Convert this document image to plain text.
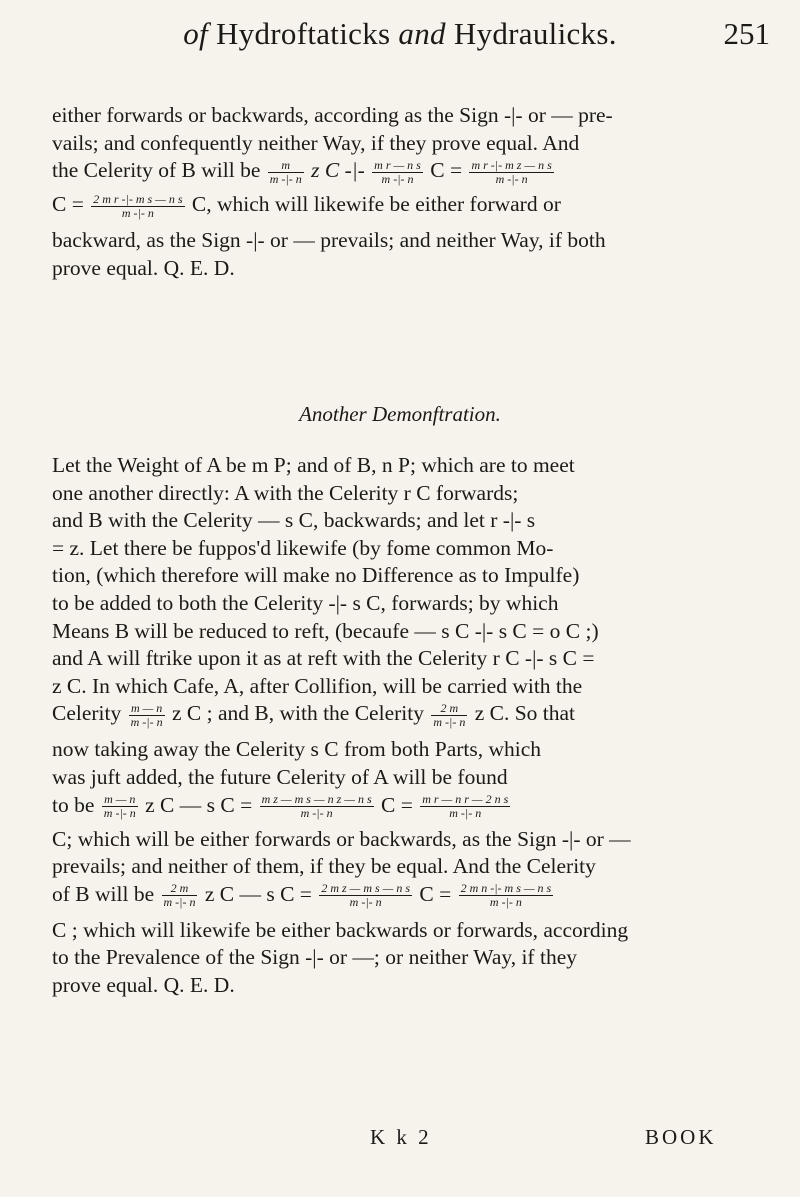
of Hydroftaticks and Hydraulicks.	251
either forwards or backwards, according as the Sign -|- or — pre-
vails; and confequently neither Way, if they prove equal. And
the Celerity of B will be $\frac{m}{m -|- n}$ z C -|- $\frac{\text{m r — n s}}{m -|- n}$ $C = \frac{\text{m r -|- m z — n s}}{m -|- n}$
$C = \frac{\text{2 m r -|- m s — n s}}{m -|- n} C$, which will likewife be either forward or
backward, as the Sign -|- or — prevails; and neither Way, if both
prove equal. Q. E. D.
Another Demonftration.
Let the Weight of A be m P; and of B, n P; which are to meet
one another directly: A with the Celerity r C forwards;
and B with the Celerity — s C, backwards; and let r -|- s
= z. Let there be fuppos'd likewife (by fome common Mo-
tion, (which therefore will make no Difference as to Impulfe)
to be added to both the Celerity -|- s C, forwards; by which
Means B will be reduced to reft, (becaufe — s C -|- s C = o C ;)
and A will ftrike upon it as at reft with the Celerity r C -|- s C =
z C. In which Cafe, A, after Collifion, will be carried with the
Celerity $\frac{m — n}{m -|- n}$ z C ; and B, with the Celerity $\frac{2 m}{m -|- n}$ z C. So that
now taking away the Celerity s C from both Parts, which
was juft added, the future Celerity of A will be found
to be $\frac{m — n}{m -|- n}$ z C — s $C = \frac{\text{m z — m s — n z — n s}}{m -|- n}$ $C = \frac{\text{m r — n r — 2 n s}}{m -|- n}$
C; which will be either forwards or backwards, as the Sign -|- or —
prevails; and neither of them, if they be equal. And the Celerity
of B will be $\frac{2 m}{m -|- n}$ z C — s $C = \frac{\text{2 m z — m s — n s}}{m -|- n}$ $C = \frac{\text{2 m n -|- m s — n s}}{m -|- n}$
C ; which will likewife be either backwards or forwards, according
to the Prevalence of the Sign -|- or —; or neither Way, if they
prove equal. Q. E. D.
K k 2	BOOK
